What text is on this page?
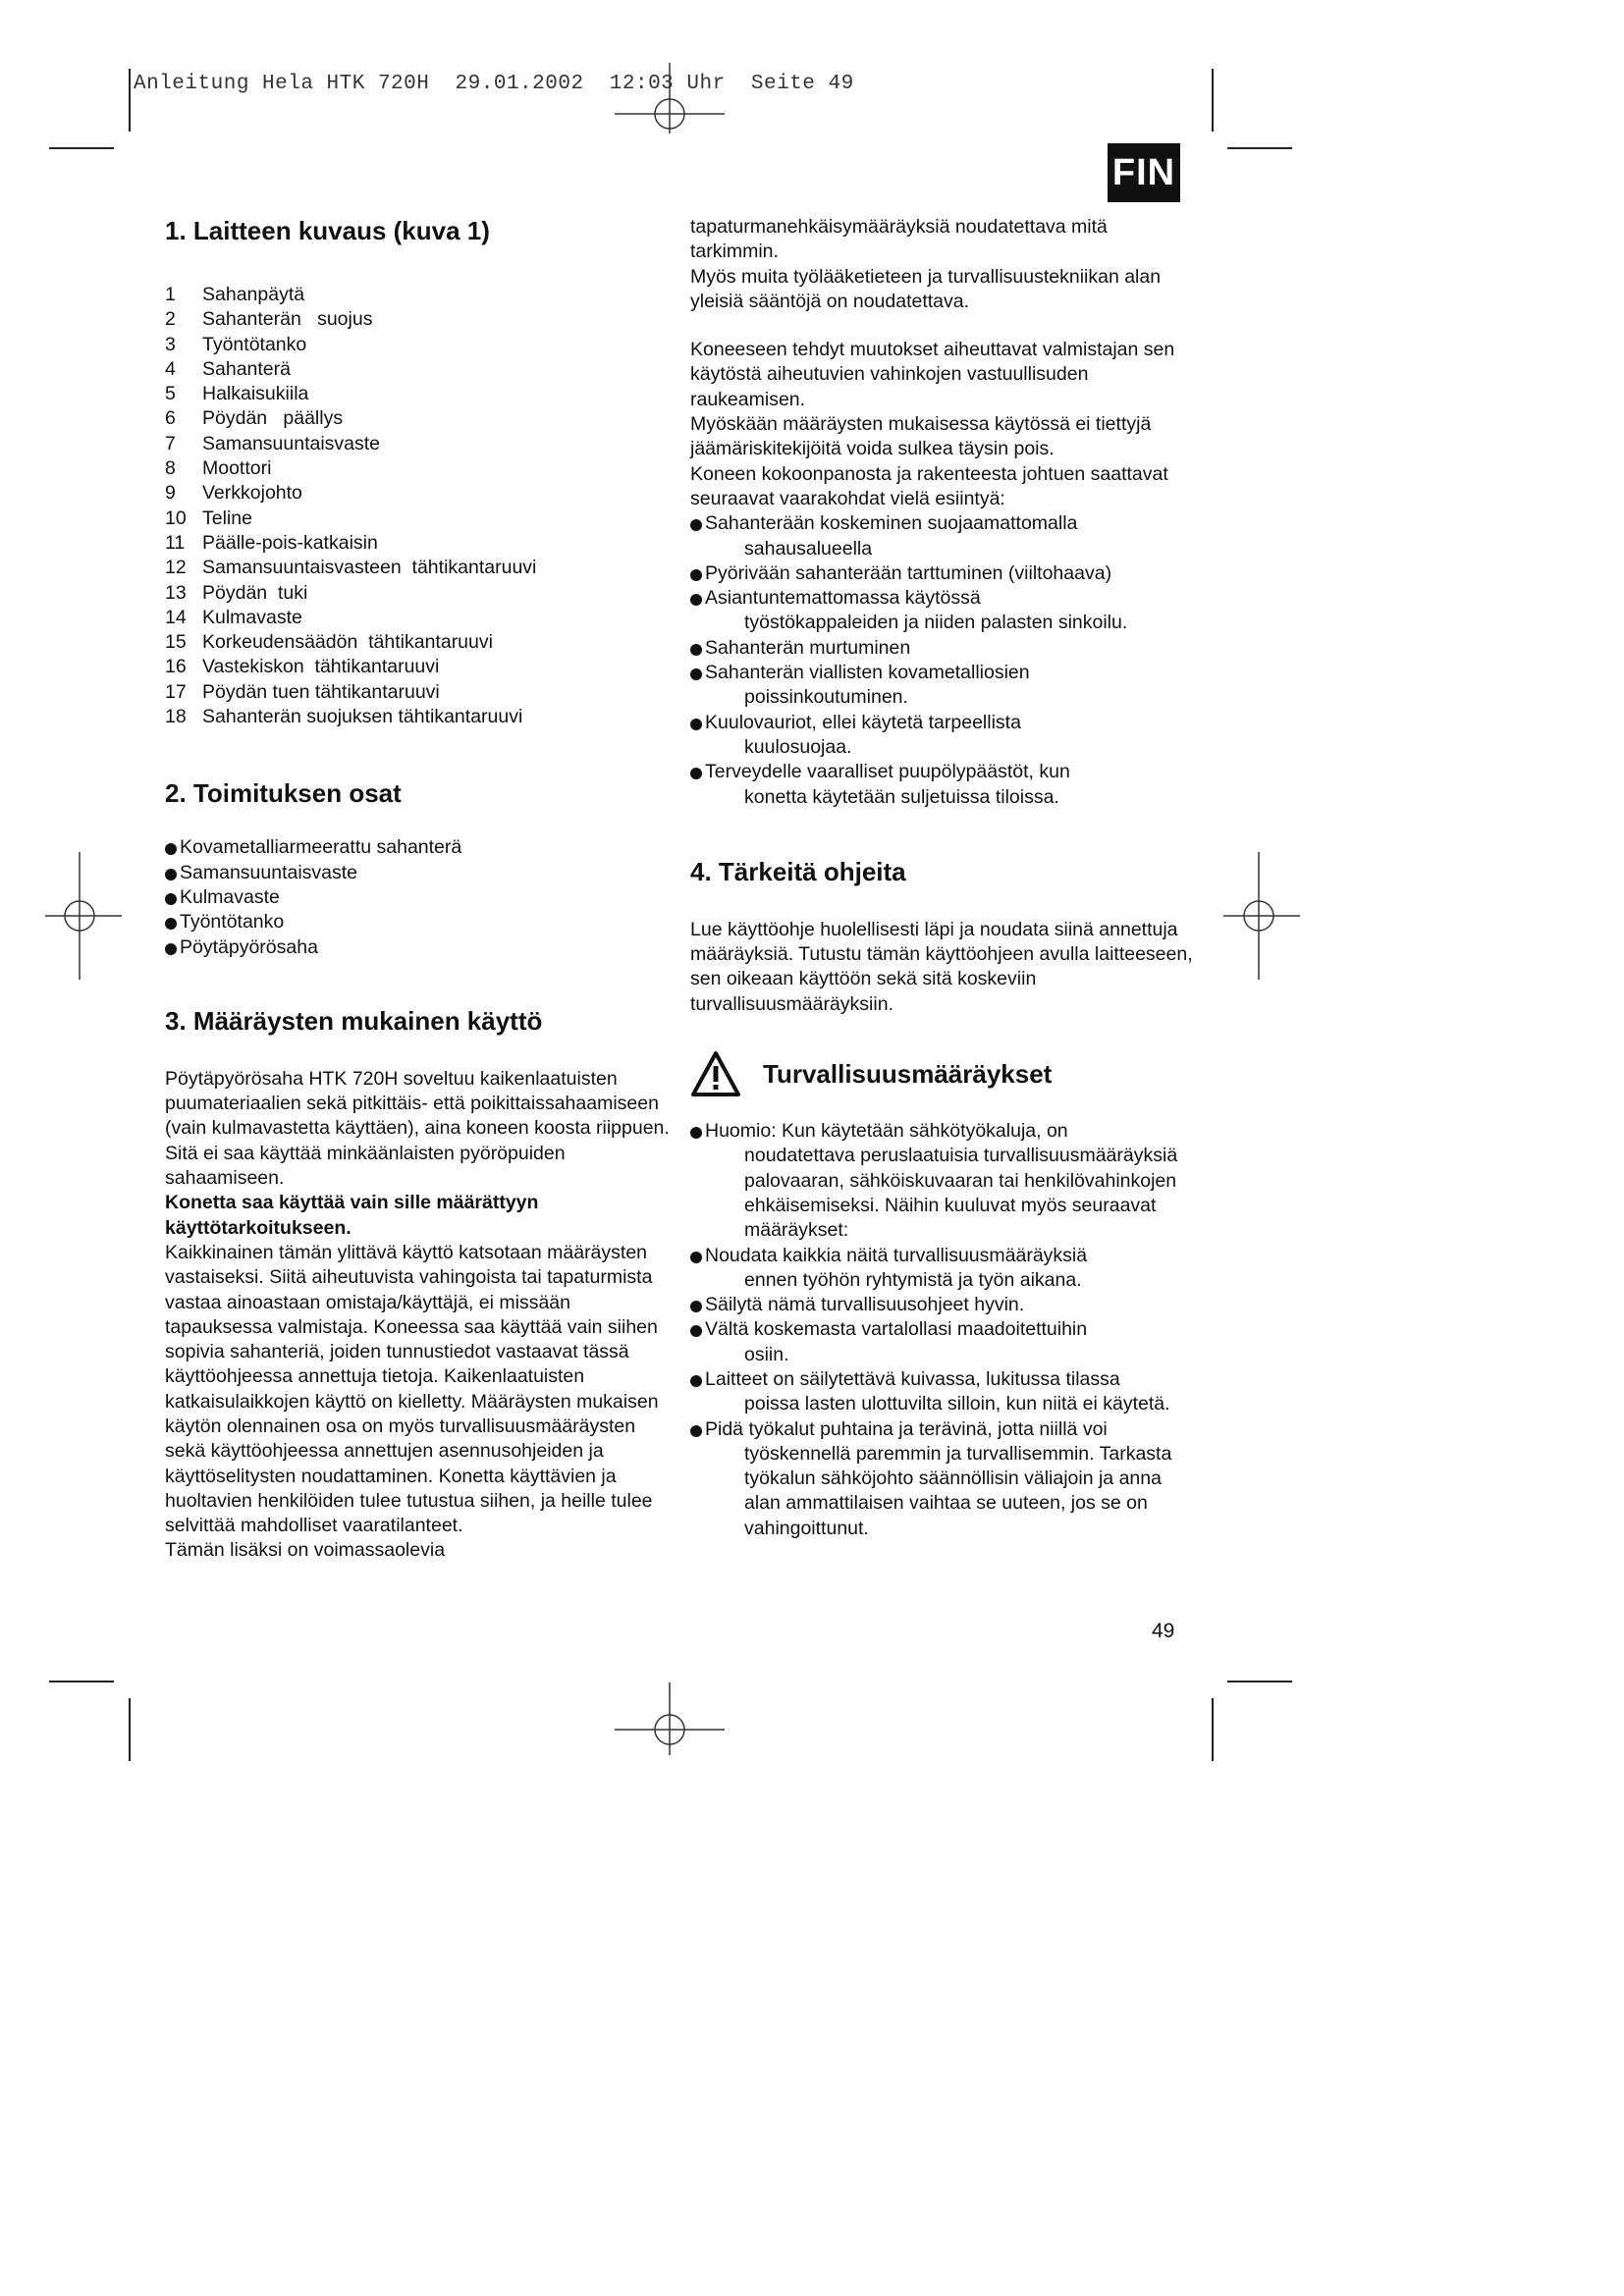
Anleitung Hela HTK 720H  29.01.2002  12:03 Uhr  Seite 49
FIN
1. Laitteen kuvaus (kuva 1)
1	Sahanpäytä
2	Sahanterän   suojus
3	Työntötanko
4	Sahanterä
5	Halkaisukiila
6	Pöydän   päällys
7	Samansuuntaisvaste
8	Moottori
9	Verkkojohto
10 Teline
11 Päälle-pois-katkaisin
12 Samansuuntaisvasteen  tähtikantaruuvi
13 Pöydän  tuki
14 Kulmavaste
15 Korkeudensäädön  tähtikantaruuvi
16 Vastekiskon  tähtikantaruuvi
17 Pöydän tuen tähtikantaruuvi
18 Sahanterän suojuksen tähtikantaruuvi
2. Toimituksen osat
Kovametalliarmeerattu sahanterä
Samansuuntaisvaste
Kulmavaste
Työntötanko
Pöytäpyörösaha
3. Määräysten mukainen käyttö

Pöytäpyörösaha HTK 720H soveltuu kaikenlaatuisten puumateriaalien sekä pitkittäis- että poikittaissahaamiseen (vain kulmavastetta käyttäen), aina koneen koosta riippuen. Sitä ei saa käyttää minkäänlaisten pyöröpuiden sahaamiseen.

Konetta saa käyttää vain sille määrättyyn käyttötarkoitukseen.

Kaikkinainen tämän ylittävä käyttö katsotaan määräysten vastaiseksi. Siitä aiheutuvista vahingoista tai tapaturmista vastaa ainoastaan omistaja/käyttäjä, ei missään tapauksessa valmistaja. Koneessa saa käyttää vain siihen sopivia sahanteriä, joiden tunnustiedot vastaavat tässä käyttöohjeessa annettuja tietoja. Kaikenlaatuisten katkaisulaikkojen käyttö on kielletty. Määräysten mukaisen käytön olennainen osa on myös turvallisuusmääräysten sekä käyttöohjeessa annettujen asennusohjeiden ja käyttöselitysten noudattaminen. Konetta käyttävien ja huoltavien henkilöiden tulee tutustua siihen, ja heille tulee selvittää mahdolliset vaaratilanteet.

Tämän lisäksi on voimassaolevia

tapaturmanehkäisymääräyksiä noudatettava mitä tarkimmin.

Myös muita työlääketieteen ja turvallisuustekniikan alan yleisiä sääntöjä on noudatettava.

Koneeseen tehdyt muutokset aiheuttavat valmistajan sen käytöstä aiheutuvien vahinkojen vastuullisuden raukeamisen.

Myöskään määräysten mukaisessa käytössä ei tiettyjä jäämäriskitekijöitä voida sulkea täysin pois.

Koneen kokoonpanosta ja rakenteesta johtuen saattavat seuraavat vaarakohdat vielä esiintyä:

Sahanterään koskeminen suojaamattomalla
sahausalueella
Pyörivään sahanterään tarttuminen (viiltohaava)
Asiantuntemattomassa käytössä
työstökappaleiden ja niiden palasten sinkoilu.
Sahanterän murtuminen
Sahanterän viallisten kovametalliosien
poissinkoutuminen.
Kuulovauriot, ellei käytetä tarpeellista
kuulosuojaa.
Terveydelle vaaralliset puupölypäästöt, kun
konetta käytetään suljetuissa tiloissa.
4. Tärkeitä ohjeita

Lue käyttöohje huolellisesti läpi ja noudata siinä annettuja määräyksiä. Tutustu tämän käyttöohjeen avulla laitteeseen, sen oikeaan käyttöön sekä sitä koskeviin turvallisuusmääräyksiin.

Turvallisuusmääräykset
Huomio: Kun käytetään sähkötyökaluja, on
noudatettava peruslaatuisia turvallisuusmääräyksiä palovaaran, sähköiskuvaaran tai henkilövahinkojen ehkäisemiseksi. Näihin kuuluvat myös seuraavat määräykset:
Noudata kaikkia näitä turvallisuusmääräyksiä
ennen työhön ryhtymistä ja työn aikana.
Säilytä nämä turvallisuusohjeet hyvin.
Vältä koskemasta vartalollasi maadoitettuihin
osiin.
Laitteet on säilytettävä kuivassa, lukitussa tilassa
poissa lasten ulottuvilta silloin, kun niitä ei käytetä.
Pidä työkalut puhtaina ja terävinä, jotta niillä voi
työskennellä paremmin ja turvallisemmin. Tarkasta työkalun sähköjohto säännöllisin väliajoin ja anna alan ammattilaisen vaihtaa se uuteen, jos se on vahingoittunut.
49
